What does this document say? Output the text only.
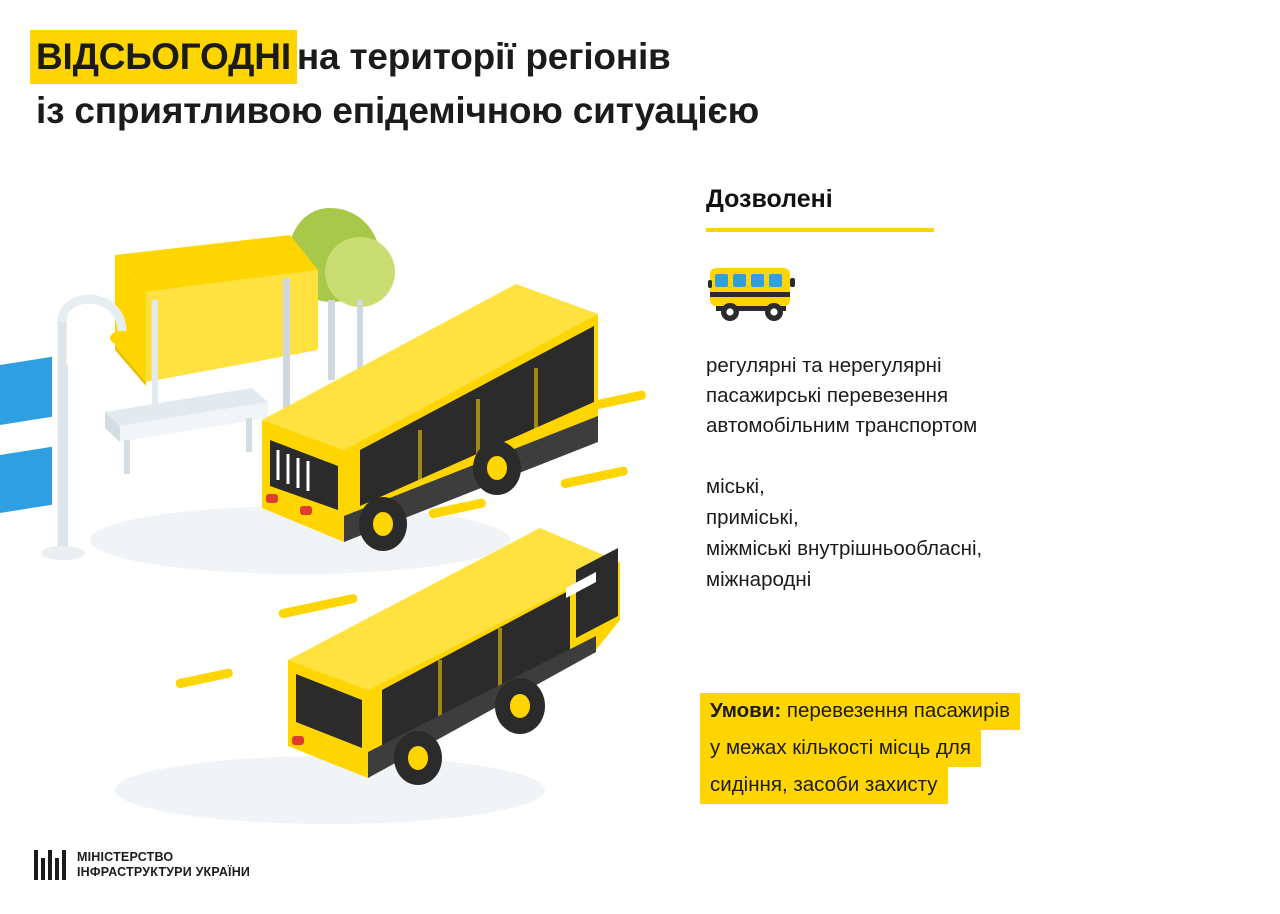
ВІДСЬОГОДНІ на території регіонів
із сприятливою епідемічною ситуацією
Дозволені

регулярні та нерегулярні
пасажирські перевезення
автомобільним транспортом

міські,
приміські,
міжміські внутрішньообласні,
міжнародні

Умови: перевезення пасажирів
у межах кількості місць для
сидіння, засоби захисту
МІНІСТЕРСТВО
ІНФРАСТРУКТУРИ УКРАЇНИ
